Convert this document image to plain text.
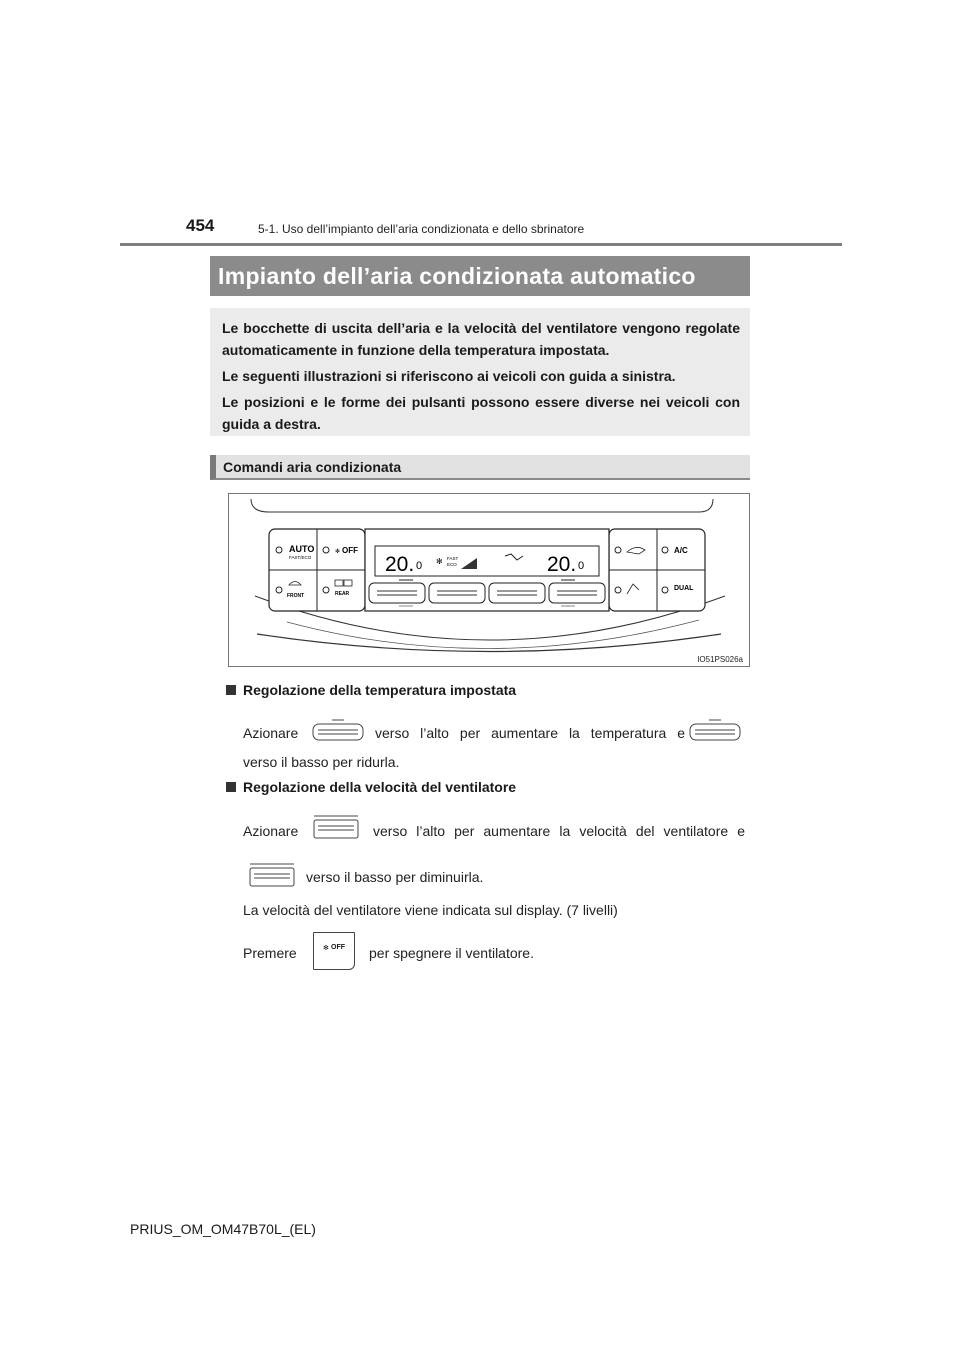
454	5-1. Uso dell’impianto dell’aria condizionata e dello sbrinatore
Impianto dell’aria condizionata automatico

Le bocchette di uscita dell’aria e la velocità del ventilatore vengono regolate automaticamente in funzione della temperatura impostata.

Le seguenti illustrazioni si riferiscono ai veicoli con guida a sinistra.

Le posizioni e le forme dei pulsanti possono essere diverse nei veicoli con guida a destra.

Comandi aria condizionata
AUTO
FAST/ECO
✻ OFF
FRONT	REAR
A/C
DUAL
20. 0 ✻ FAST
ECO	20. 0
IO51PS026a
Regolazione della temperatura impostata
Azionare	verso l’alto per aumentare la temperatura e
verso il basso per ridurla.
Regolazione della velocità del ventilatore
Azionare	verso l’alto per aumentare la velocità del ventilatore e
verso il basso per diminuirla.
La velocità del ventilatore viene indicata sul display. (7 livelli)
Premere	✻ OFF per spegnere il ventilatore.
PRIUS_OM_OM47B70L_(EL)
